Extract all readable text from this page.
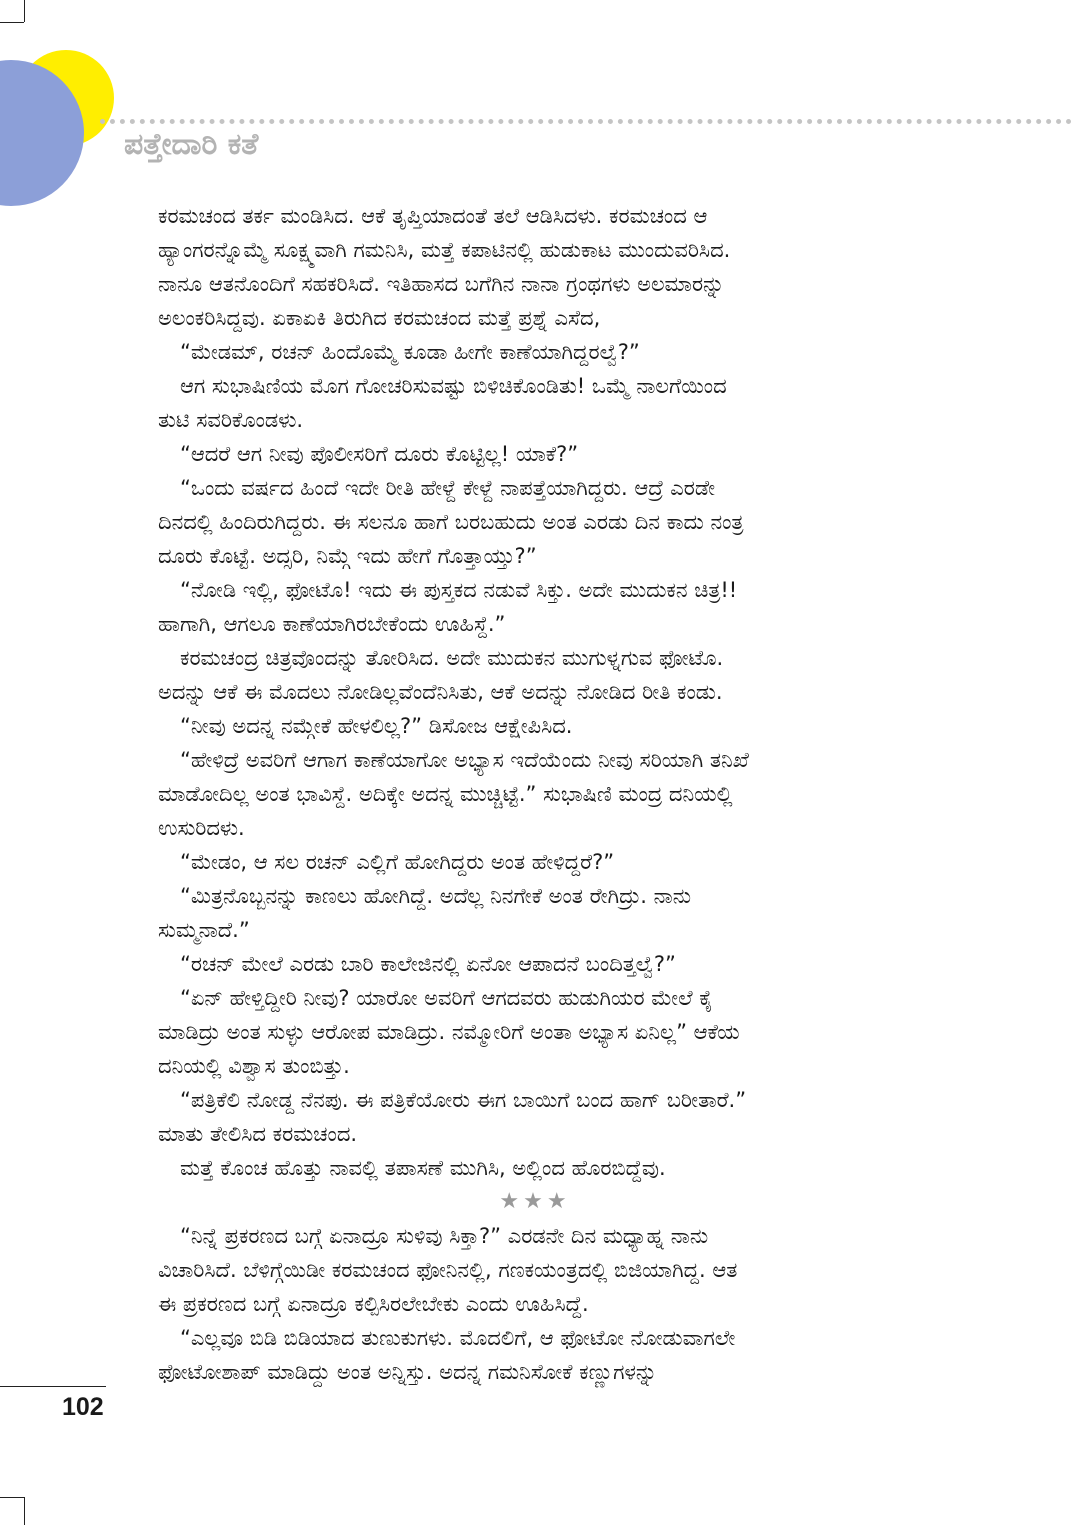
ಪತ್ತೇದಾರಿ ಕತೆ
ಕರಮಚಂದ ತರ್ಕ ಮಂಡಿಸಿದ. ಆಕೆ ತೃಪ್ತಿಯಾದಂತೆ ತಲೆ ಆಡಿಸಿದಳು. ಕರಮಚಂದ ಆ
ಹ್ಯಾಂಗರನ್ನೊಮ್ಮೆ ಸೂಕ್ಷ್ಮವಾಗಿ ಗಮನಿಸಿ, ಮತ್ತೆ ಕಪಾಟಿನಲ್ಲಿ ಹುಡುಕಾಟ ಮುಂದುವರಿಸಿದ.
ನಾನೂ ಆತನೊಂದಿಗೆ ಸಹಕರಿಸಿದೆ. ಇತಿಹಾಸದ ಬಗೆಗಿನ ನಾನಾ ಗ್ರಂಥಗಳು ಅಲಮಾರನ್ನು
ಅಲಂಕರಿಸಿದ್ದವು. ಏಕಾಏಕಿ ತಿರುಗಿದ ಕರಮಚಂದ ಮತ್ತೆ ಪ್ರಶ್ನೆ ಎಸೆದ,
“ಮೇಡಮ್, ರಚನ್ ಹಿಂದೊಮ್ಮೆ ಕೂಡಾ ಹೀಗೇ ಕಾಣೆಯಾಗಿದ್ದರಲ್ವೆ?”
ಆಗ ಸುಭಾಷಿಣಿಯ ಮೊಗ ಗೋಚರಿಸುವಷ್ಟು ಬಿಳಿಚಿಕೊಂಡಿತು! ಒಮ್ಮೆ ನಾಲಗೆಯಿಂದ
ತುಟಿ ಸವರಿಕೊಂಡಳು.
“ಆದರೆ ಆಗ ನೀವು ಪೊಲೀಸರಿಗೆ ದೂರು ಕೊಟ್ಟಿಲ್ಲ! ಯಾಕೆ?”
“ಒಂದು ವರ್ಷದ ಹಿಂದೆ ಇದೇ ರೀತಿ ಹೇಳ್ದೆ ಕೇಳ್ದೆ ನಾಪತ್ತೆಯಾಗಿದ್ದರು. ಆದ್ರೆ ಎರಡೇ
ದಿನದಲ್ಲಿ ಹಿಂದಿರುಗಿದ್ದರು. ಈ ಸಲನೂ ಹಾಗೆ ಬರಬಹುದು ಅಂತ ಎರಡು ದಿನ ಕಾದು ನಂತ್ರ
ದೂರು ಕೊಟ್ಟೆ. ಅದ್ಸರಿ, ನಿಮ್ಗೆ ಇದು ಹೇಗೆ ಗೊತ್ತಾಯ್ತು?”
“ನೋಡಿ ಇಲ್ಲಿ, ಫೋಟೊ! ಇದು ಈ ಪುಸ್ತಕದ ನಡುವೆ ಸಿಕ್ತು. ಅದೇ ಮುದುಕನ ಚಿತ್ರ!!
ಹಾಗಾಗಿ, ಆಗಲೂ ಕಾಣೆಯಾಗಿರಬೇಕೆಂದು ಊಹಿಸ್ದೆ.”
ಕರಮಚಂದ್ರ ಚಿತ್ರವೊಂದನ್ನು ತೋರಿಸಿದ. ಅದೇ ಮುದುಕನ ಮುಗುಳ್ನಗುವ ಫೋಟೊ.
ಅದನ್ನು ಆಕೆ ಈ ಮೊದಲು ನೋಡಿಲ್ಲವೆಂದೆನಿಸಿತು, ಆಕೆ ಅದನ್ನು ನೋಡಿದ ರೀತಿ ಕಂಡು.
“ನೀವು ಅದನ್ನ ನಮ್ಗೇಕೆ ಹೇಳಲಿಲ್ಲ?” ಡಿಸೋಜ ಆಕ್ಷೇಪಿಸಿದ.
“ಹೇಳಿದ್ರೆ ಅವರಿಗೆ ಆಗಾಗ ಕಾಣೆಯಾಗೋ ಅಭ್ಯಾಸ ಇದೆಯೆಂದು ನೀವು ಸರಿಯಾಗಿ ತನಿಖೆ
ಮಾಡೋದಿಲ್ಲ ಅಂತ ಭಾವಿಸ್ದೆ. ಅದಿಕ್ಕೇ ಅದನ್ನ ಮುಚ್ಚಿಟ್ಟೆ.” ಸುಭಾಷಿಣಿ ಮಂದ್ರ ದನಿಯಲ್ಲಿ
ಉಸುರಿದಳು.
“ಮೇಡಂ, ಆ ಸಲ ರಚನ್ ಎಲ್ಲಿಗೆ ಹೋಗಿದ್ದರು ಅಂತ ಹೇಳಿದ್ದರೆ?”
“ಮಿತ್ರನೊಬ್ಬನನ್ನು ಕಾಣಲು ಹೋಗಿದ್ದೆ. ಅದೆಲ್ಲ ನಿನಗೇಕೆ ಅಂತ ರೇಗಿದ್ರು. ನಾನು
ಸುಮ್ಮನಾದೆ.”
“ರಚನ್ ಮೇಲೆ ಎರಡು ಬಾರಿ ಕಾಲೇಜಿನಲ್ಲಿ ಏನೋ ಆಪಾದನೆ ಬಂದಿತ್ತಲ್ವೆ?”
“ಏನ್ ಹೇಳ್ತಿದ್ದೀರಿ ನೀವು? ಯಾರೋ ಅವರಿಗೆ ಆಗದವರು ಹುಡುಗಿಯರ ಮೇಲೆ ಕೈ
ಮಾಡಿದ್ರು ಅಂತ ಸುಳ್ಳು ಆರೋಪ ಮಾಡಿದ್ರು. ನಮ್ಮೋರಿಗೆ ಅಂತಾ ಅಭ್ಯಾಸ ಏನಿಲ್ಲ” ಆಕೆಯ
ದನಿಯಲ್ಲಿ ವಿಶ್ವಾಸ ತುಂಬಿತ್ತು.
“ಪತ್ರಿಕೆಲಿ ನೋಡ್ದ ನೆನಪು. ಈ ಪತ್ರಿಕೆಯೋರು ಈಗ ಬಾಯಿಗೆ ಬಂದ ಹಾಗ್ ಬರೀತಾರೆ.”
ಮಾತು ತೇಲಿಸಿದ ಕರಮಚಂದ.
ಮತ್ತೆ ಕೊಂಚ ಹೊತ್ತು ನಾವಲ್ಲಿ ತಪಾಸಣೆ ಮುಗಿಸಿ, ಅಲ್ಲಿಂದ ಹೊರಬಿದ್ದೆವು.
★★★
“ನಿನ್ನೆ ಪ್ರಕರಣದ ಬಗ್ಗೆ ಏನಾದ್ರೂ ಸುಳಿವು ಸಿಕ್ತಾ?” ಎರಡನೇ ದಿನ ಮಧ್ಯಾಹ್ನ ನಾನು
ವಿಚಾರಿಸಿದೆ. ಬೆಳಿಗ್ಗೆಯಿಡೀ ಕರಮಚಂದ ಫೋನಿನಲ್ಲಿ, ಗಣಕಯಂತ್ರದಲ್ಲಿ ಬಿಜಿಯಾಗಿದ್ದ. ಆತ
ಈ ಪ್ರಕರಣದ ಬಗ್ಗೆ ಏನಾದ್ರೂ ಕಲ್ಪಿಸಿರಲೇಬೇಕು ಎಂದು ಊಹಿಸಿದ್ದೆ.
“ಎಲ್ಲವೂ ಬಿಡಿ ಬಿಡಿಯಾದ ತುಣುಕುಗಳು. ಮೊದಲಿಗೆ, ಆ ಫೋಟೋ ನೋಡುವಾಗಲೇ
ಫೋಟೋಶಾಪ್ ಮಾಡಿದ್ದು ಅಂತ ಅನ್ನಿಸ್ತು. ಅದನ್ನ ಗಮನಿಸೋಕೆ ಕಣ್ಣುಗಳನ್ನು
102
